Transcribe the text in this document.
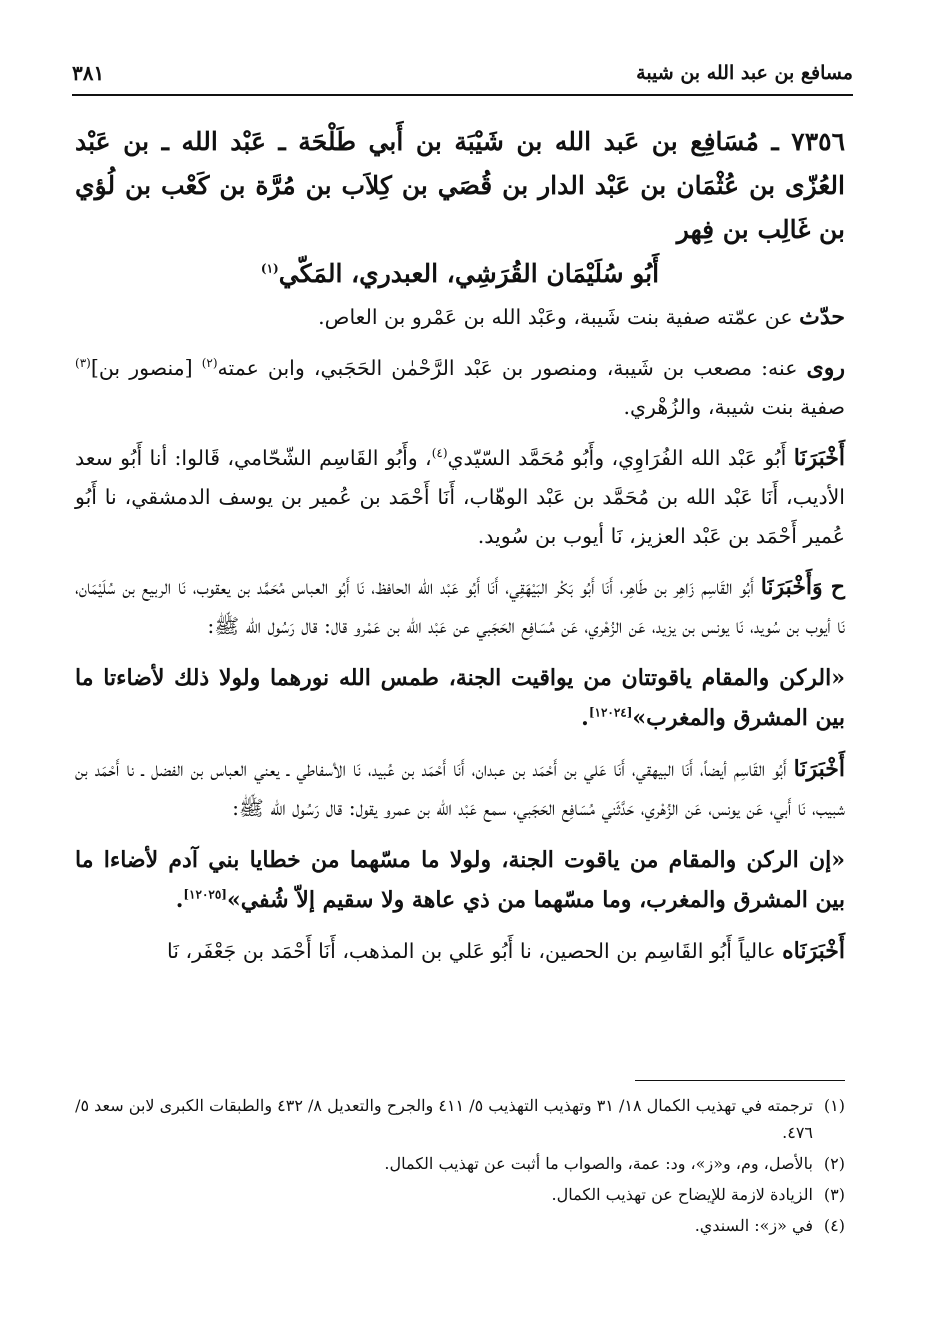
مسافع بن عبد الله بن شيبة
٣٨١
٧٣٥٦ ـ مُسَافِع بن عَبد الله بن شَيْبَة بن أَبي طَلْحَة ـ عَبْد الله ـ بن عَبْد العُزّى بن عُثْمَان بن عَبْد الدار بن قُصَي بن كِلاَب بن مُرَّة بن كَعْب بن لُؤي بن غَالِب بن فِهر
أَبُو سُلَيْمَان القُرَشِي، العبدري، المَكّي$^{(١)}$

حدّث عن عمّته صفية بنت شَيبة، وعَبْد الله بن عَمْرو بن العاص.

روى عنه: مصعب بن شَيبة، ومنصور بن عَبْد الرَّحْمٰن الحَجَبي، وابن عمته$^{(٢)}$ [منصور بن]$^{(٣)}$ صفية بنت شيبة، والزُهْري.

أَخْبَرَنَا أَبُو عَبْد الله الفُرَاوِي، وأَبُو مُحَمَّد السّيّدي$^{(٤)}$، وأَبُو القَاسِم الشّحّامي، قَالوا: أنا أَبُو سعد الأديب، أَنَا عَبْد الله بن مُحَمَّد بن عَبْد الوهّاب، أَنَا أَحْمَد بن عُمير بن يوسف الدمشقي، نا أَبُو عُمير أَحْمَد بن عَبْد العزيز، نَا أيوب بن سُويد.

ح وَأَخْبَرَنَا أَبُو القَاسِم زَاهِر بن طَاهِر، أَنَا أَبُو بَكْر البَيْهَقِي، أَنَا أَبُو عَبْد الله الحافظ، نَا أَبُو العباس مُحَمَّد بن يعقوب، نَا الربيع بن سُلَيْمَان، نَا أيوب بن سُويد، نَا يونس بن يزيد، عَن الزُهْري، عَن مُسَافِع الحَجَبي عن عَبْد الله بن عَمْرو قال: قال رَسُول الله ﷺ:

«الركن والمقام ياقوتتان من يواقيت الجنة، طمس الله نورهما ولولا ذلك لأضاءتا ما بين المشرق والمغرب»[١٢٠٢٤].

أَخْبَرَنَا أَبُو القَاسِم أيضاً، أَنَا البيهقي، أَنَا عَلي بن أَحْمَد بن عبدان، أَنَا أَحْمَد بن عُبيد، نَا الأسفاطي ـ يعني العباس بن الفضل ـ نا أَحْمَد بن شبيب، نَا أَبي، عَن يونس، عَن الزُهْري، حَدَّثَني مُسَافِع الحَجَبي، سمع عَبْد الله بن عمرو يقول: قال رَسُول الله ﷺ:

«إن الركن والمقام من ياقوت الجنة، ولولا ما مسّهما من خطايا بني آدم لأضاءا ما بين المشرق والمغرب، وما مسّهما من ذي عاهة ولا سقيم إلاّ شُفي»[١٢٠٢٥].

أَخْبَرَنَاه عالياً أَبُو القَاسِم بن الحصين، نا أَبُو عَلي بن المذهب، أَنَا أَحْمَد بن جَعْفَر، نَا

(١)
ترجمته في تهذيب الكمال ١٨/ ٣١ وتهذيب التهذيب ٥/ ٤١١ والجرح والتعديل ٨/ ٤٣٢ والطبقات الكبرى لابن سعد ٥/ ٤٧٦.
(٢)
بالأصل، وم، و«ز»، ود: عمة، والصواب ما أثبت عن تهذيب الكمال.
(٣)
الزيادة لازمة للإيضاح عن تهذيب الكمال.
(٤)
في «ز»: السندي.
